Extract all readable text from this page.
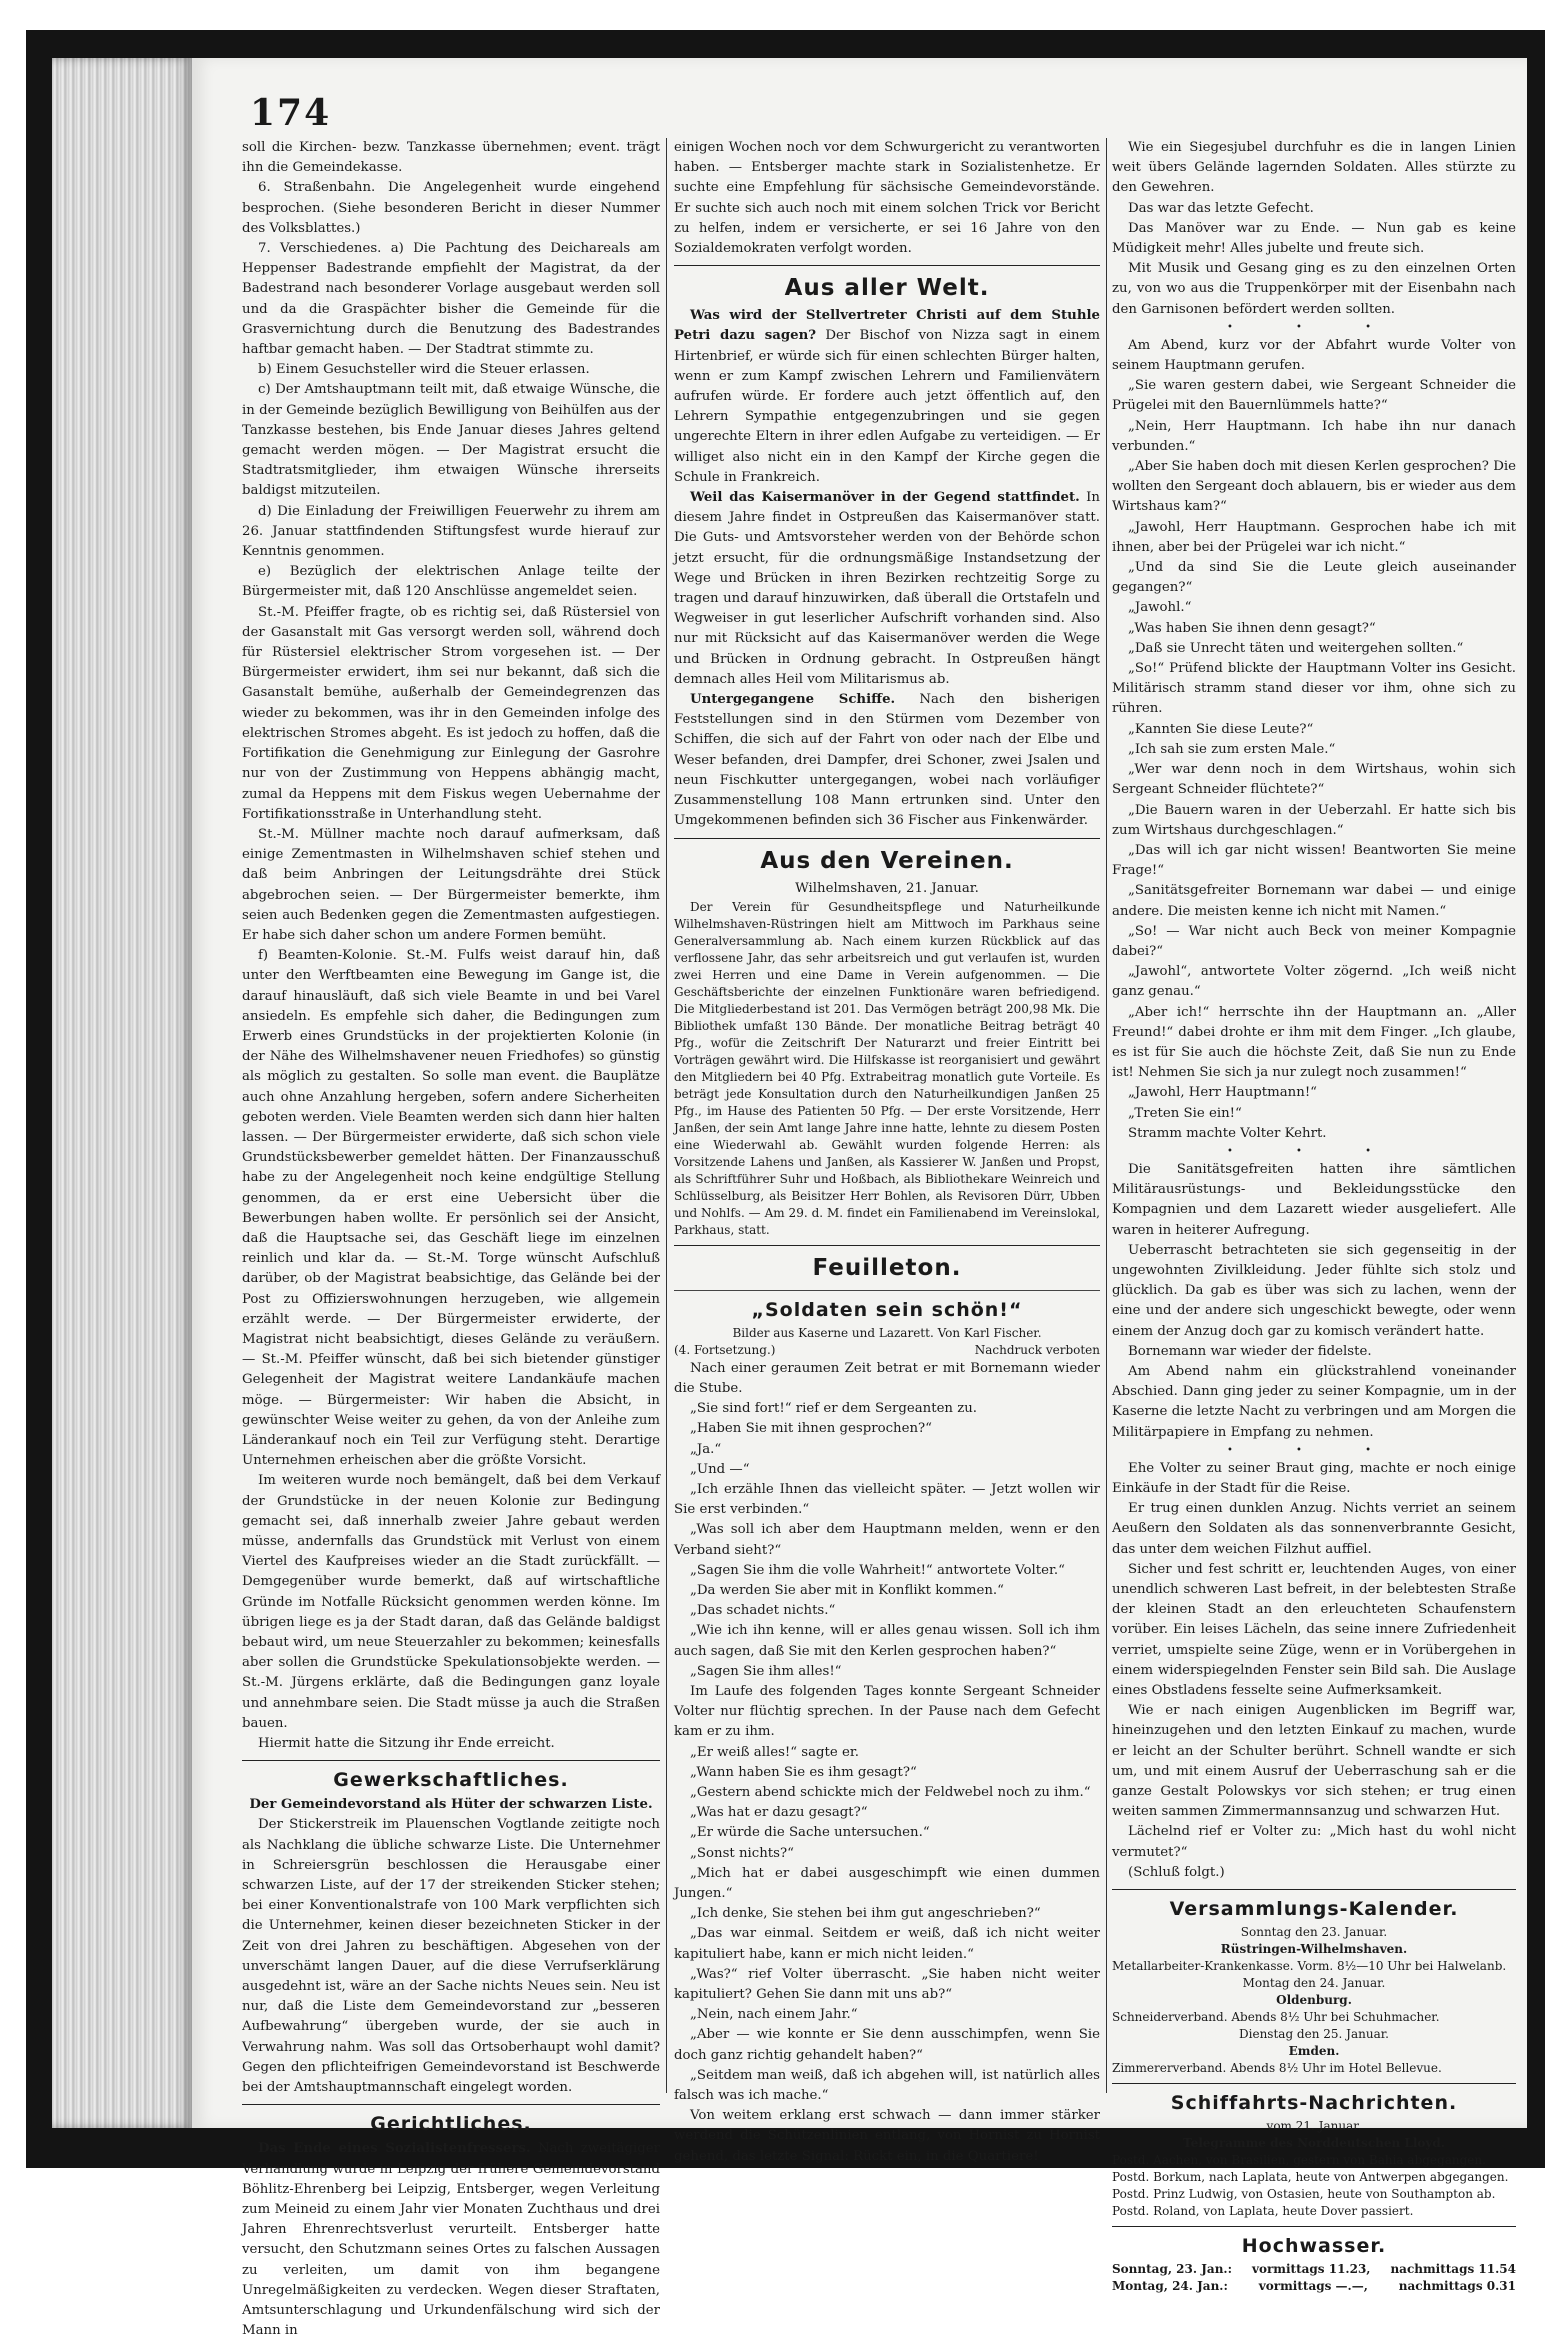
174

soll die Kirchen- bezw. Tanzkasse übernehmen; event. trägt ihn die Gemeindekasse.

6. Straßenbahn. Die Angelegenheit wurde eingehend besprochen. (Siehe besonderen Bericht in dieser Nummer des Volksblattes.)

7. Verschiedenes. a) Die Pachtung des Deichareals am Heppenser Badestrande empfiehlt der Magistrat, da der Badestrand nach besonderer Vorlage ausgebaut werden soll und da die Graspächter bisher die Gemeinde für die Grasvernichtung durch die Benutzung des Badestrandes haftbar gemacht haben. — Der Stadtrat stimmte zu.

b) Einem Gesuchsteller wird die Steuer erlassen.

c) Der Amtshauptmann teilt mit, daß etwaige Wünsche, die in der Gemeinde bezüglich Bewilligung von Beihülfen aus der Tanzkasse bestehen, bis Ende Januar dieses Jahres geltend gemacht werden mögen. — Der Magistrat ersucht die Stadtratsmitglieder, ihm etwaigen Wünsche ihrerseits baldigst mitzuteilen.

d) Die Einladung der Freiwilligen Feuerwehr zu ihrem am 26. Januar stattfindenden Stiftungsfest wurde hierauf zur Kenntnis genommen.

e) Bezüglich der elektrischen Anlage teilte der Bürgermeister mit, daß 120 Anschlüsse angemeldet seien.

St.-M. Pfeiffer fragte, ob es richtig sei, daß Rüstersiel von der Gasanstalt mit Gas versorgt werden soll, während doch für Rüstersiel elektrischer Strom vorgesehen ist. — Der Bürgermeister erwidert, ihm sei nur bekannt, daß sich die Gasanstalt bemühe, außerhalb der Gemeindegrenzen das wieder zu bekommen, was ihr in den Gemeinden infolge des elektrischen Stromes abgeht. Es ist jedoch zu hoffen, daß die Fortifikation die Genehmigung zur Einlegung der Gasrohre nur von der Zustimmung von Heppens abhängig macht, zumal da Heppens mit dem Fiskus wegen Uebernahme der Fortifikationsstraße in Unterhandlung steht.

St.-M. Müllner machte noch darauf aufmerksam, daß einige Zementmasten in Wilhelmshaven schief stehen und daß beim Anbringen der Leitungsdrähte drei Stück abgebrochen seien. — Der Bürgermeister bemerkte, ihm seien auch Bedenken gegen die Zementmasten aufgestiegen. Er habe sich daher schon um andere Formen bemüht.

f) Beamten-Kolonie. St.-M. Fulfs weist darauf hin, daß unter den Werftbeamten eine Bewegung im Gange ist, die darauf hinausläuft, daß sich viele Beamte in und bei Varel ansiedeln. Es empfehle sich daher, die Bedingungen zum Erwerb eines Grundstücks in der projektierten Kolonie (in der Nähe des Wilhelmshavener neuen Friedhofes) so günstig als möglich zu gestalten. So solle man event. die Bauplätze auch ohne Anzahlung hergeben, sofern andere Sicherheiten geboten werden. Viele Beamten werden sich dann hier halten lassen. — Der Bürgermeister erwiderte, daß sich schon viele Grundstücksbewerber gemeldet hätten. Der Finanzausschuß habe zu der Angelegenheit noch keine endgültige Stellung genommen, da er erst eine Uebersicht über die Bewerbungen haben wollte. Er persönlich sei der Ansicht, daß die Hauptsache sei, das Geschäft liege im einzelnen reinlich und klar da. — St.-M. Torge wünscht Aufschluß darüber, ob der Magistrat beabsichtige, das Gelände bei der Post zu Offizierswohnungen herzugeben, wie allgemein erzählt werde. — Der Bürgermeister erwiderte, der Magistrat nicht beabsichtigt, dieses Gelände zu veräußern. — St.-M. Pfeiffer wünscht, daß bei sich bietender günstiger Gelegenheit der Magistrat weitere Landankäufe machen möge. — Bürgermeister: Wir haben die Absicht, in gewünschter Weise weiter zu gehen, da von der Anleihe zum Länderankauf noch ein Teil zur Verfügung steht. Derartige Unternehmen erheischen aber die größte Vorsicht.

Im weiteren wurde noch bemängelt, daß bei dem Verkauf der Grundstücke in der neuen Kolonie zur Bedingung gemacht sei, daß innerhalb zweier Jahre gebaut werden müsse, andernfalls das Grundstück mit Verlust von einem Viertel des Kaufpreises wieder an die Stadt zurückfällt. — Demgegenüber wurde bemerkt, daß auf wirtschaftliche Gründe im Notfalle Rücksicht genommen werden könne. Im übrigen liege es ja der Stadt daran, daß das Gelände baldigst bebaut wird, um neue Steuerzahler zu bekommen; keinesfalls aber sollen die Grundstücke Spekulationsobjekte werden. — St.-M. Jürgens erklärte, daß die Bedingungen ganz loyale und annehmbare seien. Die Stadt müsse ja auch die Straßen bauen.

Hiermit hatte die Sitzung ihr Ende erreicht.

Gewerkschaftliches.

Der Gemeindevorstand als Hüter der schwarzen Liste.

Der Stickerstreik im Plauenschen Vogtlande zeitigte noch als Nachklang die übliche schwarze Liste. Die Unternehmer in Schreiersgrün beschlossen die Herausgabe einer schwarzen Liste, auf der 17 der streikenden Sticker stehen; bei einer Konventionalstrafe von 100 Mark verpflichten sich die Unternehmer, keinen dieser bezeichneten Sticker in der Zeit von drei Jahren zu beschäftigen. Abgesehen von der unverschämt langen Dauer, auf die diese Verrufserklärung ausgedehnt ist, wäre an der Sache nichts Neues sein. Neu ist nur, daß die Liste dem Gemeindevorstand zur „besseren Aufbewahrung“ übergeben wurde, der sie auch in Verwahrung nahm. Was soll das Ortsoberhaupt wohl damit? Gegen den pflichteifrigen Gemeindevorstand ist Beschwerde bei der Amtshauptmannschaft eingelegt worden.

Gerichtliches.

Das Ende eines Sozialistenfressers. Nach zweitägiger Verhandlung wurde in Leipzig der frühere Gemeindevorstand Böhlitz-Ehrenberg bei Leipzig, Entsberger, wegen Verleitung zum Meineid zu einem Jahr vier Monaten Zuchthaus und drei Jahren Ehrenrechtsverlust verurteilt. Entsberger hatte versucht, den Schutzmann seines Ortes zu falschen Aussagen zu verleiten, um damit von ihm begangene Unregelmäßigkeiten zu verdecken. Wegen dieser Straftaten, Amtsunterschlagung und Urkundenfälschung wird sich der Mann in

einigen Wochen noch vor dem Schwurgericht zu verantworten haben. — Entsberger machte stark in Sozialistenhetze. Er suchte eine Empfehlung für sächsische Gemeindevorstände. Er suchte sich auch noch mit einem solchen Trick vor Bericht zu helfen, indem er versicherte, er sei 16 Jahre von den Sozialdemokraten verfolgt worden.

Aus aller Welt.

Was wird der Stellvertreter Christi auf dem Stuhle Petri dazu sagen? Der Bischof von Nizza sagt in einem Hirtenbrief, er würde sich für einen schlechten Bürger halten, wenn er zum Kampf zwischen Lehrern und Familienvätern aufrufen würde. Er fordere auch jetzt öffentlich auf, den Lehrern Sympathie entgegenzubringen und sie gegen ungerechte Eltern in ihrer edlen Aufgabe zu verteidigen. — Er williget also nicht ein in den Kampf der Kirche gegen die Schule in Frankreich.

Weil das Kaisermanöver in der Gegend stattfindet. In diesem Jahre findet in Ostpreußen das Kaisermanöver statt. Die Guts- und Amtsvorsteher werden von der Behörde schon jetzt ersucht, für die ordnungsmäßige Instandsetzung der Wege und Brücken in ihren Bezirken rechtzeitig Sorge zu tragen und darauf hinzuwirken, daß überall die Ortstafeln und Wegweiser in gut leserlicher Aufschrift vorhanden sind. Also nur mit Rücksicht auf das Kaisermanöver werden die Wege und Brücken in Ordnung gebracht. In Ostpreußen hängt demnach alles Heil vom Militarismus ab.

Untergegangene Schiffe. Nach den bisherigen Feststellungen sind in den Stürmen vom Dezember von Schiffen, die sich auf der Fahrt von oder nach der Elbe und Weser befanden, drei Dampfer, drei Schoner, zwei Jsalen und neun Fischkutter untergegangen, wobei nach vorläufiger Zusammenstellung 108 Mann ertrunken sind. Unter den Umgekommenen befinden sich 36 Fischer aus Finkenwärder.

Aus den Vereinen.

Wilhelmshaven, 21. Januar.

Der Verein für Gesundheitspflege und Naturheilkunde Wilhelmshaven-Rüstringen hielt am Mittwoch im Parkhaus seine Generalversammlung ab. Nach einem kurzen Rückblick auf das verflossene Jahr, das sehr arbeitsreich und gut verlaufen ist, wurden zwei Herren und eine Dame in Verein aufgenommen. — Die Geschäftsberichte der einzelnen Funktionäre waren befriedigend. Die Mitgliederbestand ist 201. Das Vermögen beträgt 200,98 Mk. Die Bibliothek umfaßt 130 Bände. Der monatliche Beitrag beträgt 40 Pfg., wofür die Zeitschrift Der Naturarzt und freier Eintritt bei Vorträgen gewährt wird. Die Hilfskasse ist reorganisiert und gewährt den Mitgliedern bei 40 Pfg. Extrabeitrag monatlich gute Vorteile. Es beträgt jede Konsultation durch den Naturheilkundigen Janßen 25 Pfg., im Hause des Patienten 50 Pfg. — Der erste Vorsitzende, Herr Janßen, der sein Amt lange Jahre inne hatte, lehnte zu diesem Posten eine Wiederwahl ab. Gewählt wurden folgende Herren: als Vorsitzende Lahens und Janßen, als Kassierer W. Janßen und Propst, als Schriftführer Suhr und Hoßbach, als Bibliothekare Weinreich und Schlüsselburg, als Beisitzer Herr Bohlen, als Revisoren Dürr, Ubben und Nohlfs. — Am 29. d. M. findet ein Familienabend im Vereinslokal, Parkhaus, statt.

Feuilleton.
„Soldaten sein schön!“

Bilder aus Kaserne und Lazarett. Von Karl Fischer.

(4. Fortsetzung.)	Nachdruck verboten

Nach einer geraumen Zeit betrat er mit Bornemann wieder die Stube.

„Sie sind fort!“ rief er dem Sergeanten zu.

„Haben Sie mit ihnen gesprochen?“

„Ja.“

„Und —“

„Ich erzähle Ihnen das vielleicht später. — Jetzt wollen wir Sie erst verbinden.“

„Was soll ich aber dem Hauptmann melden, wenn er den Verband sieht?“

„Sagen Sie ihm die volle Wahrheit!“ antwortete Volter.“

„Da werden Sie aber mit in Konflikt kommen.“

„Das schadet nichts.“

„Wie ich ihn kenne, will er alles genau wissen. Soll ich ihm auch sagen, daß Sie mit den Kerlen gesprochen haben?“

„Sagen Sie ihm alles!“

Im Laufe des folgenden Tages konnte Sergeant Schneider Volter nur flüchtig sprechen. In der Pause nach dem Gefecht kam er zu ihm.

„Er weiß alles!“ sagte er.

„Wann haben Sie es ihm gesagt?“

„Gestern abend schickte mich der Feldwebel noch zu ihm.“

„Was hat er dazu gesagt?“

„Er würde die Sache untersuchen.“

„Sonst nichts?“

„Mich hat er dabei ausgeschimpft wie einen dummen Jungen.“

„Ich denke, Sie stehen bei ihm gut angeschrieben?“

„Das war einmal. Seitdem er weiß, daß ich nicht weiter kapituliert habe, kann er mich nicht leiden.“

„Was?“ rief Volter überrascht. „Sie haben nicht weiter kapituliert? Gehen Sie dann mit uns ab?“

„Nein, nach einem Jahr.“

„Aber — wie konnte er Sie denn ausschimpfen, wenn Sie doch ganz richtig gehandelt haben?“

„Seitdem man weiß, daß ich abgehen will, ist natürlich alles falsch was ich mache.“

Von weitem erklang erst schwach — dann immer stärker werdend die Schützenlinien entlang, von Hornist zu Hornist gehend, das letzte Signal: Rückt ein, in die Quartiere!

Wie ein Siegesjubel durchfuhr es die in langen Linien weit übers Gelände lagernden Soldaten. Alles stürzte zu den Gewehren.

Das war das letzte Gefecht.

Das Manöver war zu Ende. — Nun gab es keine Müdigkeit mehr! Alles jubelte und freute sich.

Mit Musik und Gesang ging es zu den einzelnen Orten zu, von wo aus die Truppenkörper mit der Eisenbahn nach den Garnisonen befördert werden sollten.

• • •

Am Abend, kurz vor der Abfahrt wurde Volter von seinem Hauptmann gerufen.

„Sie waren gestern dabei, wie Sergeant Schneider die Prügelei mit den Bauernlümmels hatte?“

„Nein, Herr Hauptmann. Ich habe ihn nur danach verbunden.“

„Aber Sie haben doch mit diesen Kerlen gesprochen? Die wollten den Sergeant doch ablauern, bis er wieder aus dem Wirtshaus kam?“

„Jawohl, Herr Hauptmann. Gesprochen habe ich mit ihnen, aber bei der Prügelei war ich nicht.“

„Und da sind Sie die Leute gleich auseinander gegangen?“

„Jawohl.“

„Was haben Sie ihnen denn gesagt?“

„Daß sie Unrecht täten und weitergehen sollten.“

„So!“ Prüfend blickte der Hauptmann Volter ins Gesicht. Militärisch stramm stand dieser vor ihm, ohne sich zu rühren.

„Kannten Sie diese Leute?“

„Ich sah sie zum ersten Male.“

„Wer war denn noch in dem Wirtshaus, wohin sich Sergeant Schneider flüchtete?“

„Die Bauern waren in der Ueberzahl. Er hatte sich bis zum Wirtshaus durchgeschlagen.“

„Das will ich gar nicht wissen! Beantworten Sie meine Frage!“

„Sanitätsgefreiter Bornemann war dabei — und einige andere. Die meisten kenne ich nicht mit Namen.“

„So! — War nicht auch Beck von meiner Kompagnie dabei?“

„Jawohl“, antwortete Volter zögernd. „Ich weiß nicht ganz genau.“

„Aber ich!“ herrschte ihn der Hauptmann an. „Aller Freund!“ dabei drohte er ihm mit dem Finger. „Ich glaube, es ist für Sie auch die höchste Zeit, daß Sie nun zu Ende ist! Nehmen Sie sich ja nur zulegt noch zusammen!“

„Jawohl, Herr Hauptmann!“

„Treten Sie ein!“

Stramm machte Volter Kehrt.

• • •

Die Sanitätsgefreiten hatten ihre sämtlichen Militärausrüstungs- und Bekleidungsstücke den Kompagnien und dem Lazarett wieder ausgeliefert. Alle waren in heiterer Aufregung.

Ueberrascht betrachteten sie sich gegenseitig in der ungewohnten Zivilkleidung. Jeder fühlte sich stolz und glücklich. Da gab es über was sich zu lachen, wenn der eine und der andere sich ungeschickt bewegte, oder wenn einem der Anzug doch gar zu komisch verändert hatte.

Bornemann war wieder der fidelste.

Am Abend nahm ein glückstrahlend voneinander Abschied. Dann ging jeder zu seiner Kompagnie, um in der Kaserne die letzte Nacht zu verbringen und am Morgen die Militärpapiere in Empfang zu nehmen.

• • •

Ehe Volter zu seiner Braut ging, machte er noch einige Einkäufe in der Stadt für die Reise.

Er trug einen dunklen Anzug. Nichts verriet an seinem Aeußern den Soldaten als das sonnenverbrannte Gesicht, das unter dem weichen Filzhut auffiel.

Sicher und fest schritt er, leuchtenden Auges, von einer unendlich schweren Last befreit, in der belebtesten Straße der kleinen Stadt an den erleuchteten Schaufenstern vorüber. Ein leises Lächeln, das seine innere Zufriedenheit verriet, umspielte seine Züge, wenn er in Vorübergehen in einem widerspiegelnden Fenster sein Bild sah. Die Auslage eines Obstladens fesselte seine Aufmerksamkeit.

Wie er nach einigen Augenblicken im Begriff war, hineinzugehen und den letzten Einkauf zu machen, wurde er leicht an der Schulter berührt. Schnell wandte er sich um, und mit einem Ausruf der Ueberraschung sah er die ganze Gestalt Polowskys vor sich stehen; er trug einen weiten sammen Zimmermannsanzug und schwarzen Hut.

Lächelnd rief er Volter zu: „Mich hast du wohl nicht vermutet?“

(Schluß folgt.)

Versammlungs-Kalender.

Sonntag den 23. Januar.

Rüstringen-Wilhelmshaven.

Metallarbeiter-Krankenkasse. Vorm. 8½—10 Uhr bei Halwelanb.

Montag den 24. Januar.

Oldenburg.

Schneiderverband. Abends 8½ Uhr bei Schuhmacher.

Dienstag den 25. Januar.

Emden.

Zimmererverband. Abends 8½ Uhr im Hotel Bellevue.

Schiffahrts-Nachrichten.

vom 21. Januar.

Telegramme des Norddeutschen Lloyd.

Postd. Aachen, von Brasilien, gestern von Bahia abgegangen.

Postd. Borkum, nach Laplata, heute von Antwerpen abgegangen.

Postd. Prinz Ludwig, von Ostasien, heute von Southampton ab.

Postd. Roland, von Laplata, heute Dover passiert.

Hochwasser.
Sonntag, 23. Jan.: vormittags 11.23, nachmittags 11.54
Montag, 24. Jan.:	vormittags —.—,	nachmittags 0.31
